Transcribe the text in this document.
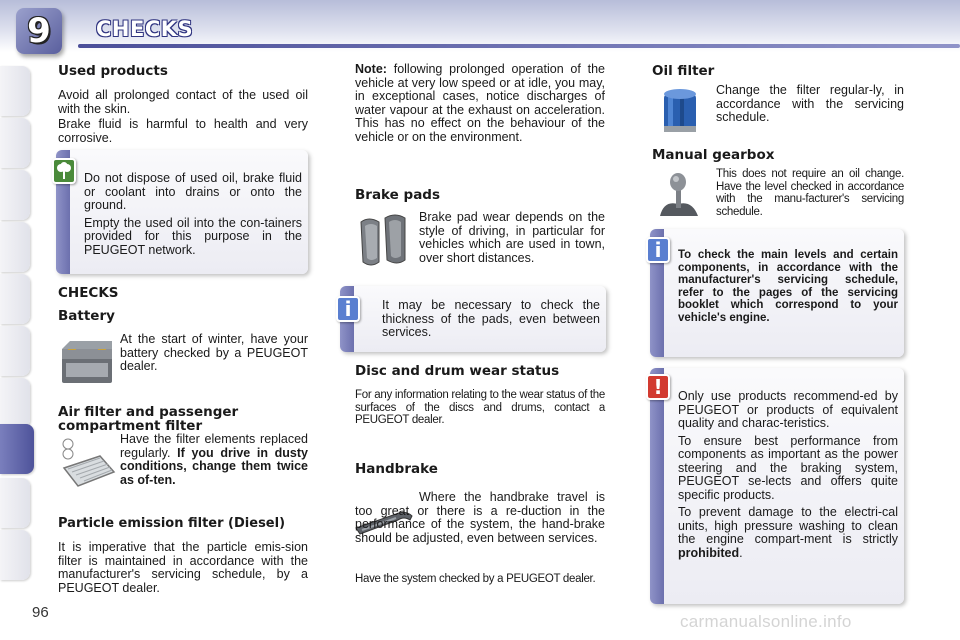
9 CHECKS
Used products
Avoid all prolonged contact of the used oil with the skin.
Brake fluid is harmful to health and very corrosive.

Do not dispose of used oil, brake fluid or coolant into drains or onto the ground.

Empty the used oil into the con-tainers provided for this purpose in the PEUGEOT network.

CHECKS
Battery
At the start of winter, have your battery checked by a PEUGEOT dealer.
Air filter and passenger
compartment filter
Have the filter elements replaced regularly. If you drive in dusty conditions, change them twice as of-ten.
Particle emission filter (Diesel)
It is imperative that the particle emis-sion filter is maintained in accordance with the manufacturer's servicing schedule, by a PEUGEOT dealer.
Note: following prolonged operation of the vehicle at very low speed or at idle, you may, in exceptional cases, notice discharges of water vapour at the exhaust on acceleration. This has no effect on the behaviour of the vehicle or on the environment.
Brake pads
Brake pad wear depends on the style of driving, in particular for vehicles which are used in town, over short distances.
i	It may be necessary to check the thickness of the pads, even between services.
Disc and drum wear status
For any information relating to the wear status of the surfaces of the discs and drums, contact a PEUGEOT dealer.
Handbrake
Where the handbrake travel is too great or there is a re-duction in the performance of the system, the hand-brake should be adjusted, even between services.
Have the system checked by a PEUGEOT dealer.
Oil filter
Change the filter regular-ly, in accordance with the servicing schedule.
Manual gearbox
This does not require an oil change. Have the level checked in accordance with the manu-facturer's servicing schedule.
i	To check the main levels and certain components, in accordance with the manufacturer's servicing schedule, refer to the pages of the servicing booklet which correspond to your vehicle's engine.
!	Only use products recommend-ed by PEUGEOT or products of equivalent quality and charac-teristics.

To ensure best performance from components as important as the power steering and the braking system, PEUGEOT se-lects and offers quite specific products.

To prevent damage to the electri-cal units, high pressure washing to clean the engine compart-ment is strictly prohibited.

96	carmanualsonline.info
